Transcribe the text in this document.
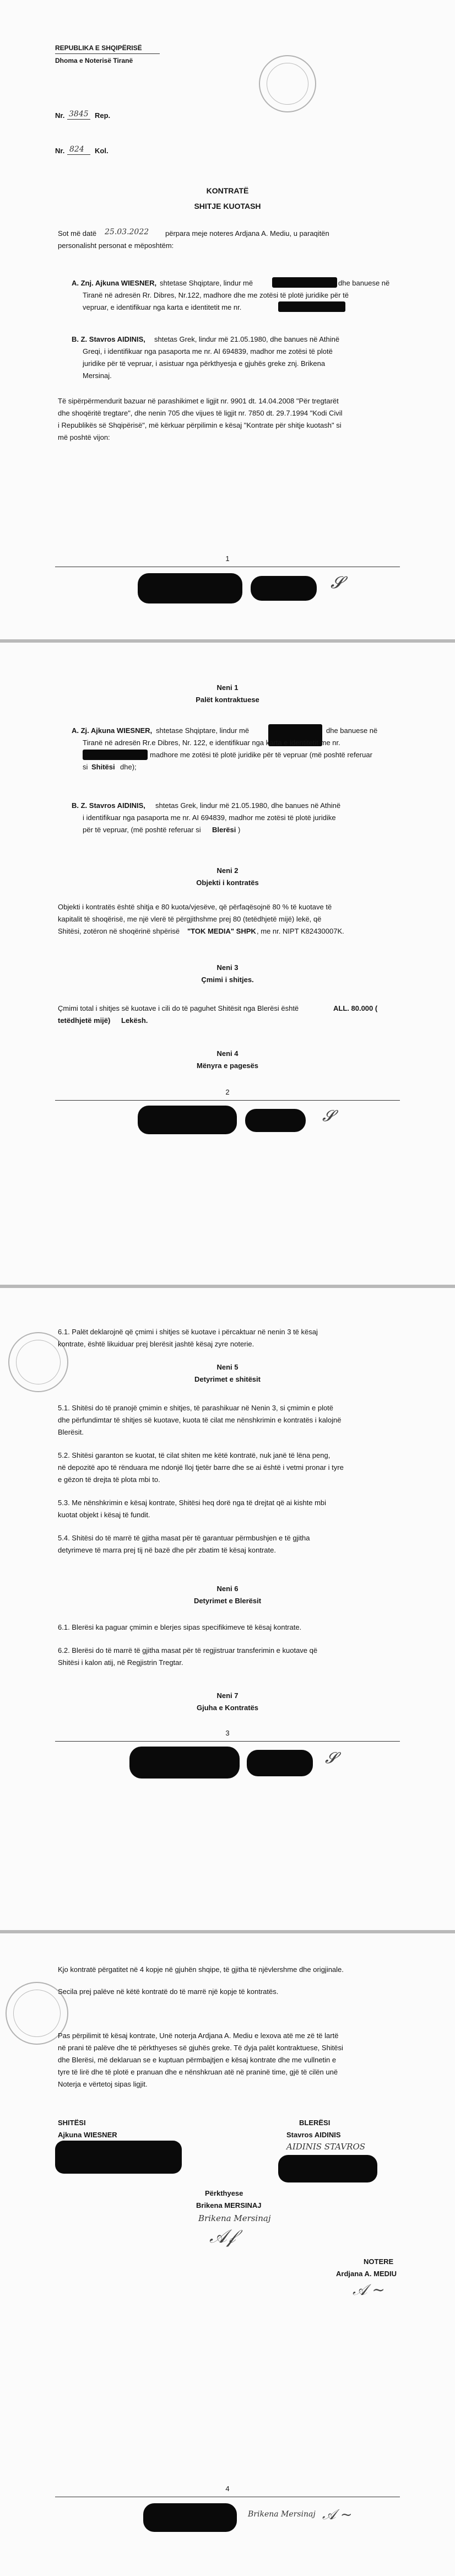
REPUBLIKA E SHQIPËRISË
Dhoma e Noterisë Tiranë
Nr. 3845 Rep.
Nr. 824 Kol.
KONTRATË
SHITJE KUOTASH
Sot më datë 25.03.2022 përpara meje noteres Ardjana A. Mediu, u paraqitën
personalisht personat e mëposhtëm:
A. Znj. Ajkuna WIESNER, shtetase Shqiptare, lindur më	dhe banuese në
Tiranë në adresën Rr. Dibres, Nr.122, madhore dhe me zotësi të plotë juridike për të
vepruar, e identifikuar nga karta e identitetit me nr.
B. Z. Stavros AIDINIS, shtetas Grek, lindur më 21.05.1980, dhe banues në Athinë
Greqi, i identifikuar nga pasaporta me nr. AI 694839, madhor me zotësi të plotë
juridike për të vepruar, i asistuar nga përkthyesja e gjuhës greke znj. Brikena
Mersinaj.
Të sipërpërmendurit bazuar në parashikimet e ligjit nr. 9901 dt. 14.04.2008 "Për tregtarët
dhe shoqëritë tregtare", dhe nenin 705 dhe vijues të ligjit nr. 7850 dt. 29.7.1994 "Kodi Civil
i Republikës së Shqipërisë", më kërkuar përpilimin e kësaj "Kontrate për shitje kuotash" si
më poshtë vijon:
1
𝓢
Neni 1
Palët kontraktuese
A. Zj. Ajkuna WIESNER, shtetase Shqiptare, lindur më	dhe banuese në
Tiranë në adresën Rr.e Dibres, Nr. 122, e identifikuar nga karta e identitetit me nr.
madhore me zotësi të plotë juridike për të vepruar (më poshtë referuar
si Shitësi dhe);
B. Z. Stavros AIDINIS, shtetas Grek, lindur më 21.05.1980, dhe banues në Athinë
i identifikuar nga pasaporta me nr. AI 694839, madhor me zotësi të plotë juridike
për të vepruar, (më poshtë referuar si Blerësi )
Neni 2
Objekti i kontratës
Objekti i kontratës është shitja e 80 kuota/vjesëve, që përfaqësojnë 80 % të kuotave të
kapitalit të shoqërisë, me një vlerë të përgjithshme prej 80 (tetëdhjetë mijë) lekë, që
Shitësi, zotëron në shoqërinë shpërisë "TOK MEDIA" SHPK , me nr. NIPT K82430007K.
Neni 3
Çmimi i shitjes.
Çmimi total i shitjes së kuotave i cili do të paguhet Shitësit nga Blerësi është	ALL. 80.000 (
tetëdhjetë mijë) Lekësh.
Neni 4
Mënyra e pagesës
2
𝓢
6.1. Palët deklarojnë që çmimi i shitjes së kuotave i përcaktuar në nenin 3 të kësaj
kontrate, është likuiduar prej blerësit jashtë kësaj zyre noterie.
Neni 5
Detyrimet e shitësit
5.1. Shitësi do të pranojë çmimin e shitjes, të parashikuar në Nenin 3, si çmimin e plotë
dhe përfundimtar të shitjes së kuotave, kuota të cilat me nënshkrimin e kontratës i kalojnë
Blerësit.
5.2. Shitësi garanton se kuotat, të cilat shiten me këtë kontratë, nuk janë të lëna peng,
në depozitë apo të rënduara me ndonjë lloj tjetër barre dhe se ai është i vetmi pronar i tyre
e gëzon të drejta të plota mbi to.
5.3. Me nënshkrimin e kësaj kontrate, Shitësi heq dorë nga të drejtat që ai kishte mbi
kuotat objekt i kësaj të fundit.
5.4. Shitësi do të marrë të gjitha masat për të garantuar përmbushjen e të gjitha
detyrimeve të marra prej tij në bazë dhe për zbatim të kësaj kontrate.
Neni 6
Detyrimet e Blerësit
6.1. Blerësi ka paguar çmimin e blerjes sipas specifikimeve të kësaj kontrate.
6.2. Blerësi do të marrë të gjitha masat për të regjistruar transferimin e kuotave që
Shitësi i kalon atij, në Regjistrin Tregtar.
Neni 7
Gjuha e Kontratës
3
𝓢
Kjo kontratë përgatitet në 4 kopje në gjuhën shqipe, të gjitha të njëvlershme dhe origjinale.
Secila prej palëve në këtë kontratë do të marrë një kopje të kontratës.
Pas përpilimit të kësaj kontrate, Unë noterja Ardjana A. Mediu e lexova atë me zë të lartë
në prani të palëve dhe të përkthyeses së gjuhës greke. Të dyja palët kontraktuese, Shitësi
dhe Blerësi, më deklaruan se e kuptuan përmbajtjen e kësaj kontrate dhe me vullnetin e
tyre të lirë dhe të plotë e pranuan dhe e nënshkruan atë në praninë time, gjë të cilën unë
Noterja e vërtetoj sipas ligjit.
SHITËSI
Ajkuna WIESNER
BLERËSI
Stavros AIDINIS
AIDINIS STAVROS
Përkthyese
Brikena MERSINAJ
Brikena Mersinaj
𝒜𝒻
NOTERE
Ardjana A. MEDIU
𝒜 ~
4
Brikena Mersinaj 𝒜 ~
